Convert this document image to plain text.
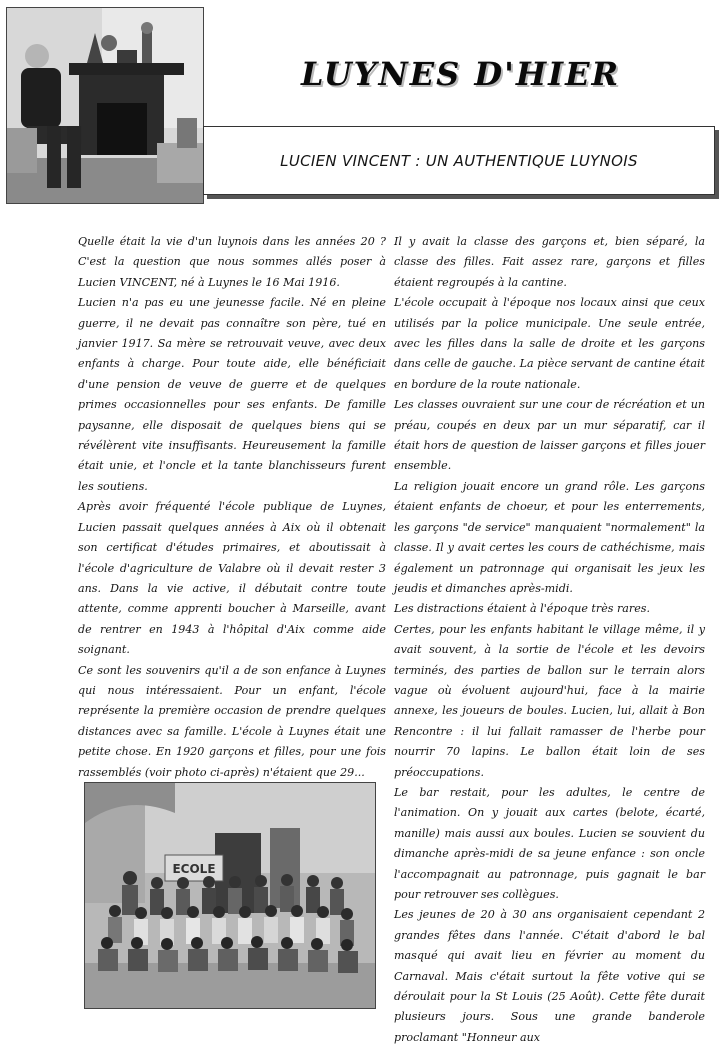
LUYNES D'HIER
LUCIEN VINCENT : UN AUTHENTIQUE LUYNOIS

Quelle était la vie d'un luynois dans les années 20 ? C'est la question que nous sommes allés poser à Lucien VINCENT, né à Luynes le 16 Mai 1916.

Lucien n'a pas eu une jeunesse facile. Né en pleine guerre, il ne devait pas connaître son père, tué en janvier 1917. Sa mère se retrouvait veuve, avec deux enfants à charge. Pour toute aide, elle bénéficiait d'une pension de veuve de guerre et de quelques primes occasionnelles pour ses enfants. De famille paysanne, elle disposait de quelques biens qui se révélèrent vite insuffisants. Heureusement la famille était unie, et l'oncle et la tante blanchisseurs furent les soutiens.

Après avoir fréquenté l'école publique de Luynes, Lucien passait quelques années à Aix où il obtenait son certificat d'études primaires, et aboutissait à l'école d'agriculture de Valabre où il devait rester 3 ans. Dans la vie active, il débutait contre toute attente, comme apprenti boucher à Marseille, avant de rentrer en 1943 à l'hôpital d'Aix comme aide soignant.

Ce sont les souvenirs qu'il a de son enfance à Luynes qui nous intéressaient. Pour un enfant, l'école représente la première occasion de prendre quelques distances avec sa famille. L'école à Luynes était une petite chose. En 1920 garçons et filles, pour une fois rassemblés (voir photo ci-après) n'étaient que 29...

Il y avait la classe des garçons et, bien séparé, la classe des filles. Fait assez rare, garçons et filles étaient regroupés à la cantine.

L'école occupait à l'époque nos locaux ainsi que ceux utilisés par la police municipale. Une seule entrée, avec les filles dans la salle de droite et les garçons dans celle de gauche. La pièce servant de cantine était en bordure de la route nationale.

Les classes ouvraient sur une cour de récréation et un préau, coupés en deux par un mur séparatif, car il était hors de question de laisser garçons et filles jouer ensemble.

La religion jouait encore un grand rôle. Les garçons étaient enfants de choeur, et pour les enterrements, les garçons "de service" manquaient "normalement" la classe. Il y avait certes les cours de cathéchisme, mais également un patronnage qui organisait les jeux les jeudis et dimanches après-midi.

Les distractions étaient à l'époque très rares.

Certes, pour les enfants habitant le village même, il y avait souvent, à la sortie de l'école et les devoirs terminés, des parties de ballon sur le terrain alors vague où évoluent aujourd'hui, face à la mairie annexe, les joueurs de boules. Lucien, lui, allait à Bon Rencontre : il lui fallait ramasser de l'herbe pour nourrir 70 lapins. Le ballon était loin de ses préoccupations.

Le bar restait, pour les adultes, le centre de l'animation. On y jouait aux cartes (belote, écarté, manille) mais aussi aux boules. Lucien se souvient du dimanche après-midi de sa jeune enfance : son oncle l'accompagnait au patronnage, puis gagnait le bar pour retrouver ses collègues.

Les jeunes de 20 à 30 ans organisaient cependant 2 grandes fêtes dans l'année. C'était d'abord le bal masqué qui avait lieu en février au moment du Carnaval. Mais c'était surtout la fête votive qui se déroulait pour la St Louis (25 Août). Cette fête durait plusieurs jours. Sous une grande banderole proclamant "Honneur aux

ECOLE
